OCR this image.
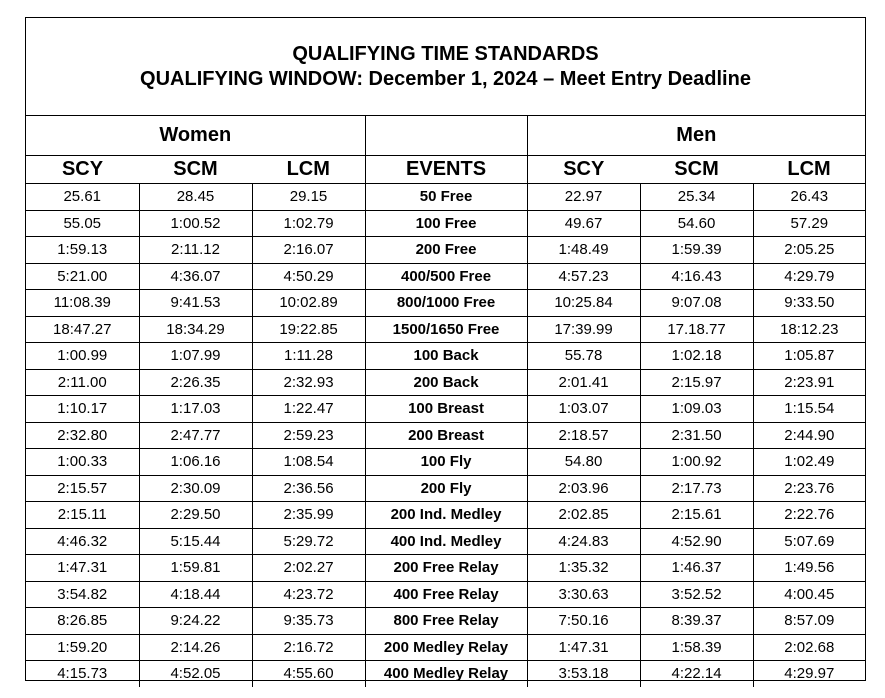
QUALIFYING TIME STANDARDS
QUALIFYING WINDOW: December 1, 2024 – Meet Entry Deadline
Women				Men		
SCY	SCM	LCM	EVENTS	SCY	SCM	LCM
25.61	28.45	29.15	50 Free	22.97	25.34	26.43
55.05	1:00.52	1:02.79	100 Free	49.67	54.60	57.29
1:59.13	2:11.12	2:16.07	200 Free	1:48.49	1:59.39	2:05.25
5:21.00	4:36.07	4:50.29	400/500 Free	4:57.23	4:16.43	4:29.79
11:08.39	9:41.53	10:02.89	800/1000 Free	10:25.84	9:07.08	9:33.50
18:47.27	18:34.29	19:22.85	1500/1650 Free	17:39.99	17.18.77	18:12.23
1:00.99	1:07.99	1:11.28	100 Back	55.78	1:02.18	1:05.87
2:11.00	2:26.35	2:32.93	200 Back	2:01.41	2:15.97	2:23.91
1:10.17	1:17.03	1:22.47	100 Breast	1:03.07	1:09.03	1:15.54
2:32.80	2:47.77	2:59.23	200 Breast	2:18.57	2:31.50	2:44.90
1:00.33	1:06.16	1:08.54	100 Fly	54.80	1:00.92	1:02.49
2:15.57	2:30.09	2:36.56	200 Fly	2:03.96	2:17.73	2:23.76
2:15.11	2:29.50	2:35.99	200 Ind. Medley	2:02.85	2:15.61	2:22.76
4:46.32	5:15.44	5:29.72	400 Ind. Medley	4:24.83	4:52.90	5:07.69
1:47.31	1:59.81	2:02.27	200 Free Relay	1:35.32	1:46.37	1:49.56
3:54.82	4:18.44	4:23.72	400 Free Relay	3:30.63	3:52.52	4:00.45
8:26.85	9:24.22	9:35.73	800 Free Relay	7:50.16	8:39.37	8:57.09
1:59.20	2:14.26	2:16.72	200 Medley Relay	1:47.31	1:58.39	2:02.68
4:15.73	4:52.05	4:55.60	400 Medley Relay	3:53.18	4:22.14	4:29.97
